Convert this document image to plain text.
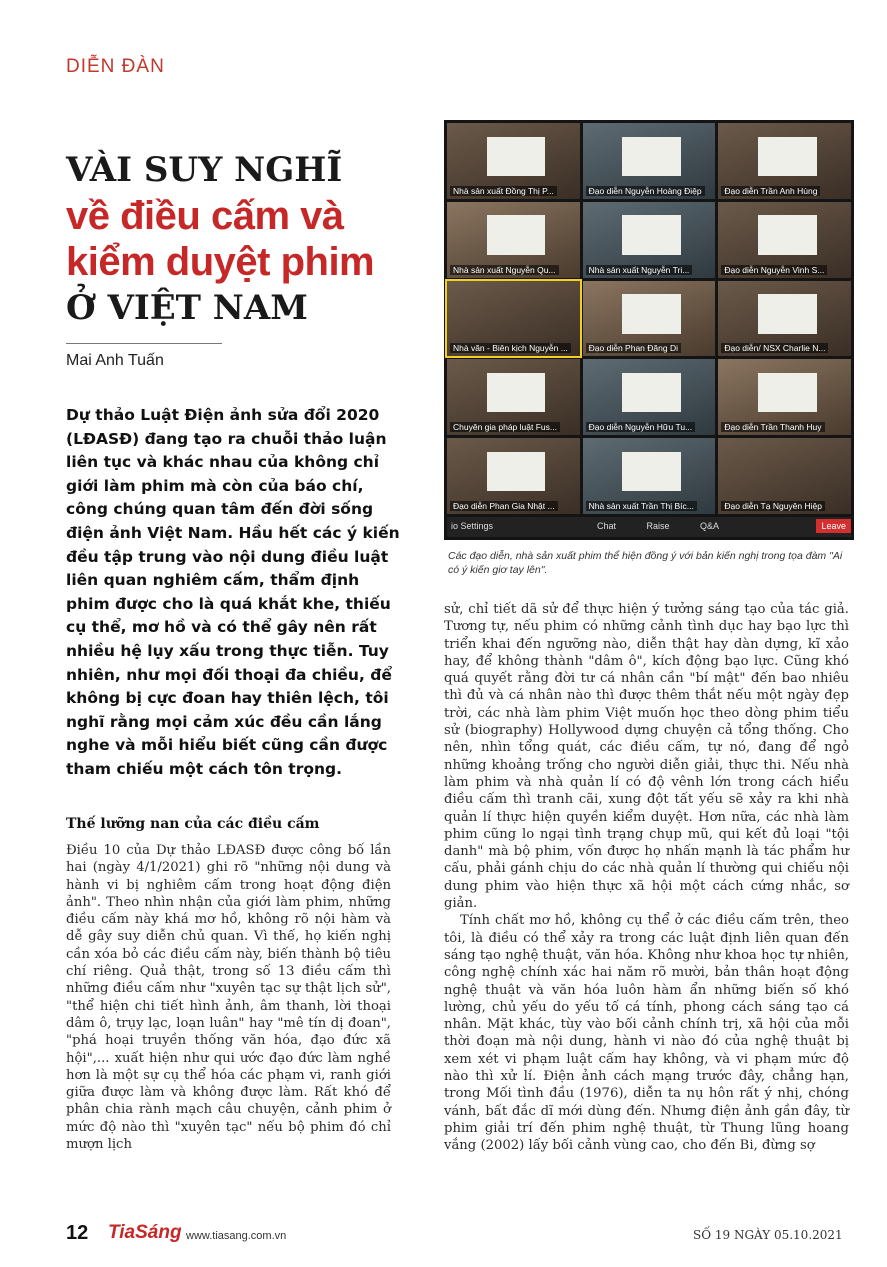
DIỄN ĐÀN
VÀI SUY NGHĨ
về điều cấm và
kiểm duyệt phim
Ở VIỆT NAM
Mai Anh Tuấn

Dự thảo Luật Điện ảnh sửa đổi 2020 (LĐASĐ) đang tạo ra chuỗi thảo luận liên tục và khác nhau của không chỉ giới làm phim mà còn của báo chí, công chúng quan tâm đến đời sống điện ảnh Việt Nam. Hầu hết các ý kiến đều tập trung vào nội dung điều luật liên quan nghiêm cấm, thẩm định phim được cho là quá khắt khe, thiếu cụ thể, mơ hồ và có thể gây nên rất nhiều hệ lụy xấu trong thực tiễn. Tuy nhiên, như mọi đối thoại đa chiều, để không bị cực đoan hay thiên lệch, tôi nghĩ rằng mọi cảm xúc đều cần lắng nghe và mỗi hiểu biết cũng cần được tham chiếu một cách tôn trọng.

Thế lưỡng nan của các điều cấm

Điều 10 của Dự thảo LĐASĐ được công bố lần hai (ngày 4/1/2021) ghi rõ "những nội dung và hành vi bị nghiêm cấm trong hoạt động điện ảnh". Theo nhìn nhận của giới làm phim, những điều cấm này khá mơ hồ, không rõ nội hàm và dễ gây suy diễn chủ quan. Vì thế, họ kiến nghị cần xóa bỏ các điều cấm này, biến thành bộ tiêu chí riêng. Quả thật, trong số 13 điều cấm thì những điều cấm như "xuyên tạc sự thật lịch sử", "thể hiện chi tiết hình ảnh, âm thanh, lời thoại dâm ô, trụy lạc, loạn luân" hay "mê tín dị đoan", "phá hoại truyền thống văn hóa, đạo đức xã hội",... xuất hiện như qui ước đạo đức làm nghề hơn là một sự cụ thể hóa các phạm vi, ranh giới giữa được làm và không được làm. Rất khó để phân chia rành mạch câu chuyện, cảnh phim ở mức độ nào thì "xuyên tạc" nếu bộ phim đó chỉ mượn lịch

Nhà sản xuất Đồng Thị P...	Đạo diễn Nguyễn Hoàng Điệp	Đạo diễn Trần Anh Hùng
Nhà sản xuất Nguyễn Qu...	Nhà sản xuất Nguyễn Tri...	Đạo diễn Nguyễn Vinh S...
Nhà văn - Biên kịch Nguyễn ...	Đạo diễn Phan Đăng Di	Đạo diễn/ NSX Charlie N...
Chuyên gia pháp luật Fus...	Đạo diễn Nguyễn Hữu Tu...	Đạo diễn Trần Thanh Huy
Đạo diễn Phan Gia Nhật ...	Nhà sản xuất Trần Thị Bíc...	Đạo diễn Tạ Nguyên Hiệp
io Settings	Chat Raise Q&A	Leave

Các đạo diễn, nhà sản xuất phim thể hiện đồng ý với bản kiến nghị trong tọa đàm "Ai có ý kiến giơ tay lên".

sử, chỉ tiết dã sử để thực hiện ý tưởng sáng tạo của tác giả. Tương tự, nếu phim có những cảnh tình dục hay bạo lực thì triển khai đến ngưỡng nào, diễn thật hay dàn dựng, kĩ xảo hay, để không thành "dâm ô", kích động bạo lực. Cũng khó quá quyết rằng đời tư cá nhân cần "bí mật" đến bao nhiêu thì đủ và cá nhân nào thì được thêm thắt nếu một ngày đẹp trời, các nhà làm phim Việt muốn học theo dòng phim tiểu sử (biography) Hollywood dựng chuyện cả tổng thống. Cho nên, nhìn tổng quát, các điều cấm, tự nó, đang để ngỏ những khoảng trống cho người diễn giải, thực thi. Nếu nhà làm phim và nhà quản lí có độ vênh lớn trong cách hiểu điều cấm thì tranh cãi, xung đột tất yếu sẽ xảy ra khi nhà quản lí thực hiện quyền kiểm duyệt. Hơn nữa, các nhà làm phim cũng lo ngại tình trạng chụp mũ, qui kết đủ loại "tội danh" mà bộ phim, vốn được họ nhấn mạnh là tác phẩm hư cấu, phải gánh chịu do các nhà quản lí thường qui chiếu nội dung phim vào hiện thực xã hội một cách cứng nhắc, sơ giản.

Tính chất mơ hồ, không cụ thể ở các điều cấm trên, theo tôi, là điều có thể xảy ra trong các luật định liên quan đến sáng tạo nghệ thuật, văn hóa. Không như khoa học tự nhiên, công nghệ chính xác hai năm rõ mười, bản thân hoạt động nghệ thuật và văn hóa luôn hàm ẩn những biến số khó lường, chủ yếu do yếu tố cá tính, phong cách sáng tạo cá nhân. Mặt khác, tùy vào bối cảnh chính trị, xã hội của mỗi thời đoạn mà nội dung, hành vi nào đó của nghệ thuật bị xem xét vi phạm luật cấm hay không, và vi phạm mức độ nào thì xử lí. Điện ảnh cách mạng trước đây, chẳng hạn, trong Mối tình đầu (1976), diễn ta nụ hôn rất ý nhị, chóng vánh, bất đắc dĩ mới dùng đến. Nhưng điện ảnh gần đây, từ phim giải trí đến phim nghệ thuật, từ Thung lũng hoang vắng (2002) lấy bối cảnh vùng cao, cho đến Bi, đừng sợ

12 TiaSáng www.tiasang.com.vn	SỐ 19 NGÀY 05.10.2021
